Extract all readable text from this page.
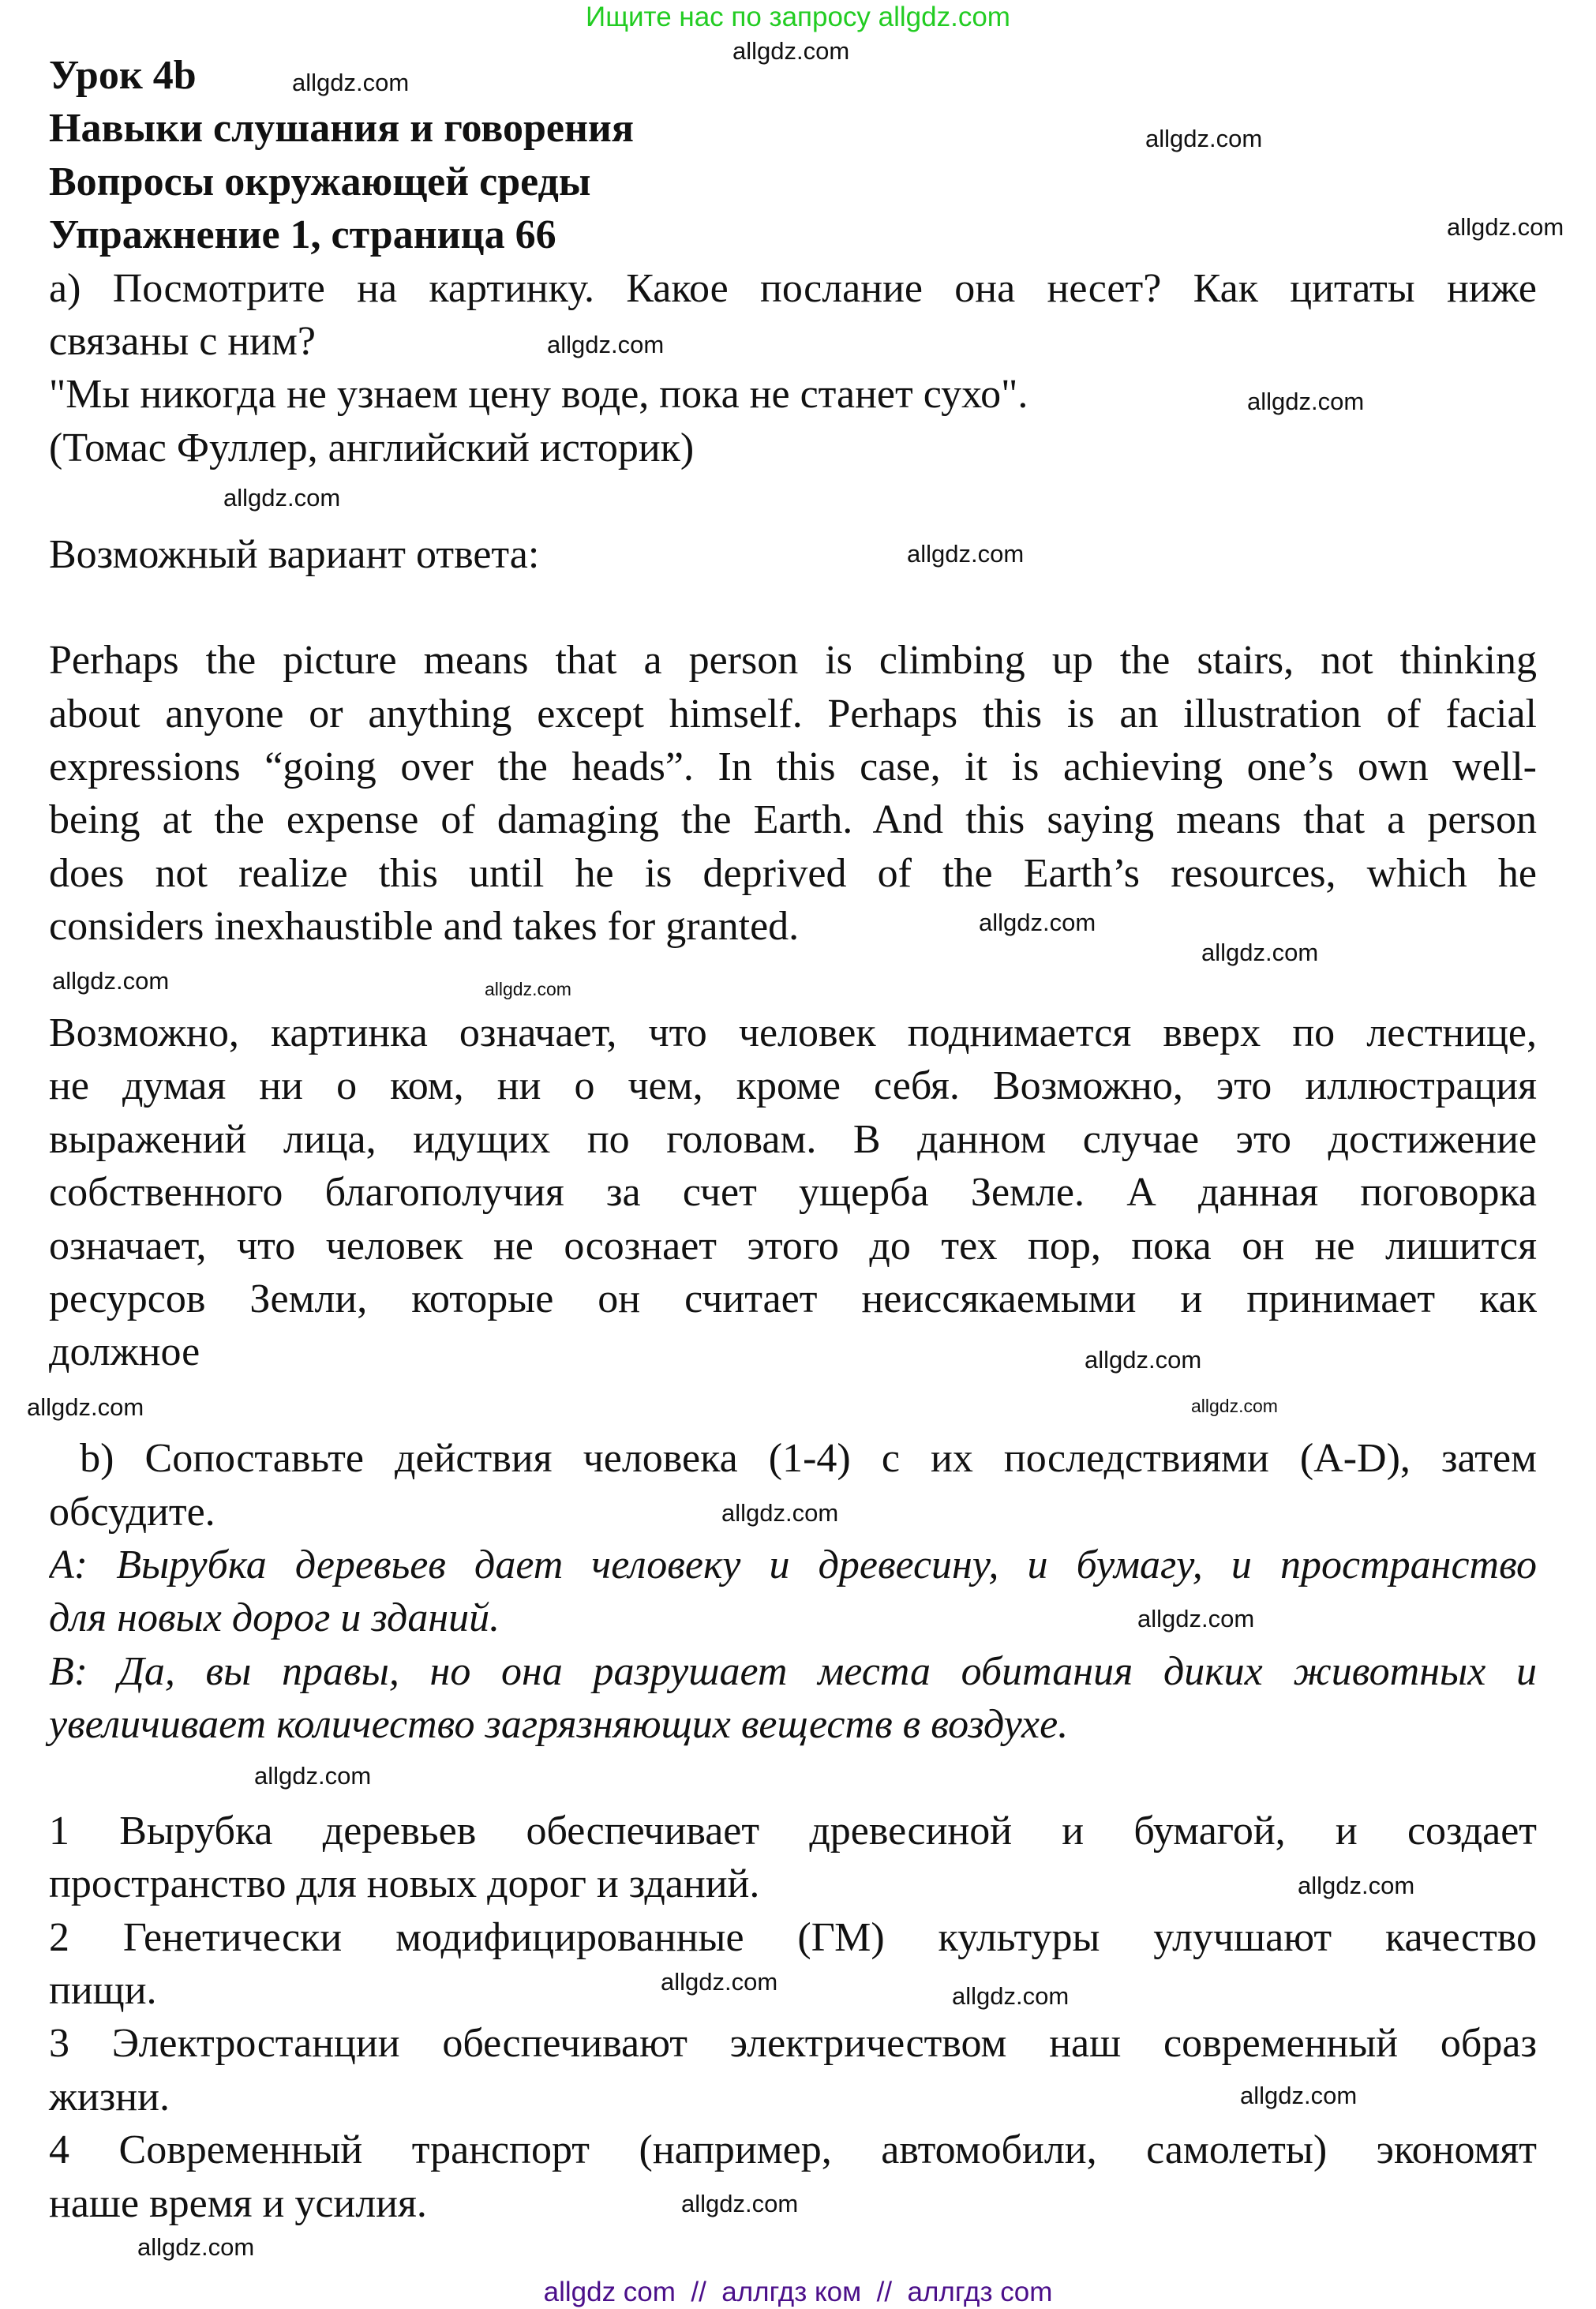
Ищите нас по запросу allgdz.com
Урок 4b
Навыки слушания и говорения
Вопросы окружающей среды
Упражнение 1, страница 66
а) Посмотрите на картинку. Какое послание она несет? Как цитаты ниже
связаны с ним?
"Мы никогда не узнаем цену воде, пока не станет сухо".
(Томас Фуллер, английский историк)
Возможный вариант ответа:
Perhaps the picture means that a person is climbing up the stairs, not thinking
about anyone or anything except himself. Perhaps this is an illustration of facial
expressions “going over the heads”. In this case, it is achieving one’s own well-
being at the expense of damaging the Earth. And this saying means that a person
does not realize this until he is deprived of the Earth’s resources, which he
considers inexhaustible and takes for granted.
Возможно, картинка означает, что человек поднимается вверх по лестнице,
не думая ни о ком, ни о чем, кроме себя. Возможно, это иллюстрация
выражений лица, идущих по головам. В данном случае это достижение
собственного благополучия за счет ущерба Земле. А данная поговорка
означает, что человек не осознает этого до тех пор, пока он не лишится
ресурсов Земли, которые он считает неиссякаемыми и принимает как
должное
b) Сопоставьте действия человека (1-4) с их последствиями (A-D), затем
обсудите.
A: Вырубка деревьев дает человеку и древесину, и бумагу, и пространство
для новых дорог и зданий.
B: Да, вы правы, но она разрушает места обитания диких животных и
увеличивает количество загрязняющих веществ в воздухе.
1 Вырубка деревьев обеспечивает древесиной и бумагой, и создает
пространство для новых дорог и зданий.
2 Генетически модифицированные (ГМ) культуры улучшают качество
пищи.
3 Электростанции обеспечивают электричеством наш современный образ
жизни.
4 Современный транспорт (например, автомобили, самолеты) экономят
наше время и усилия.
allgdz.com
allgdz.com
allgdz.com
allgdz.com
allgdz.com
allgdz.com
allgdz.com
allgdz.com
allgdz.com
allgdz.com
allgdz.com	allgdz.com
allgdz.com
allgdz.com
allgdz.com
allgdz.com
allgdz.com
allgdz.com
allgdz.com
allgdz.com
allgdz.com
allgdz.com
allgdz.com
allgdz.com
allgdz com  //  аллгдз ком  //  аллгдз com
